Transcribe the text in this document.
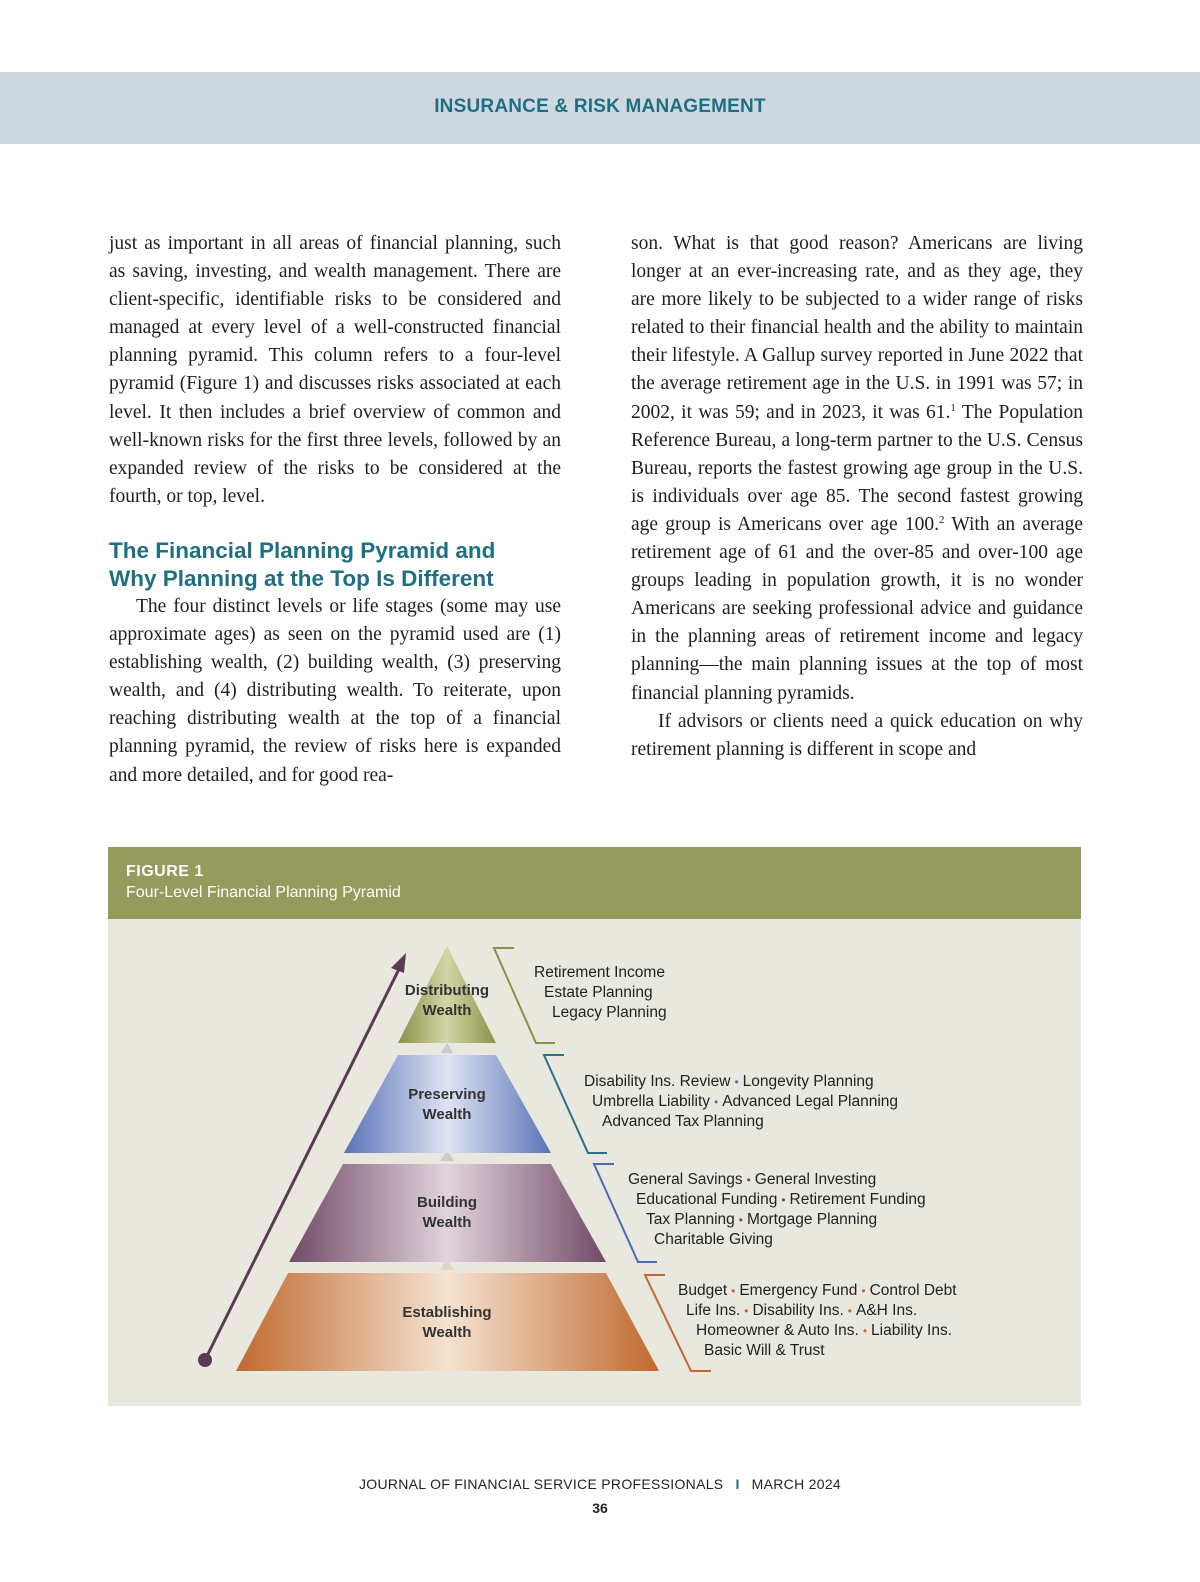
INSURANCE & RISK MANAGEMENT

just as important in all areas of financial planning, such as saving, investing, and wealth management. There are client-specific, identifiable risks to be considered and managed at every level of a well-constructed financial planning pyramid. This column refers to a four-level pyramid (Figure 1) and discusses risks associated at each level. It then includes a brief overview of common and well-known risks for the first three levels, followed by an expanded review of the risks to be considered at the fourth, or top, level.

The Financial Planning Pyramid and
Why Planning at the Top Is Different

The four distinct levels or life stages (some may use approximate ages) as seen on the pyramid used are (1) establishing wealth, (2) building wealth, (3) preserving wealth, and (4) distributing wealth. To reiterate, upon reaching distributing wealth at the top of a financial planning pyramid, the review of risks here is expanded and more detailed, and for good rea-

son. What is that good reason? Americans are living longer at an ever-increasing rate, and as they age, they are more likely to be subjected to a wider range of risks related to their financial health and the ability to maintain their lifestyle. A Gallup survey reported in June 2022 that the average retirement age in the U.S. in 1991 was 57; in 2002, it was 59; and in 2023, it was 61.$^1$ The Population Reference Bureau, a long-term partner to the U.S. Census Bureau, reports the fastest growing age group in the U.S. is individuals over age 85. The second fastest growing age group is Americans over age 100.$^2$ With an average retirement age of 61 and the over-85 and over-100 age groups leading in population growth, it is no wonder Americans are seeking professional advice and guidance in the planning areas of retirement income and legacy planning—the main planning issues at the top of most financial planning pyramids.

If advisors or clients need a quick education on why retirement planning is different in scope and

FIGURE 1
Four-Level Financial Planning Pyramid
Distributing
Wealth
Preserving
Wealth
Building
Wealth
Establishing
Wealth
Retirement Income
Estate Planning
Legacy Planning
Disability Ins. Review • Longevity Planning
Umbrella Liability • Advanced Legal Planning
Advanced Tax Planning
General Savings • General Investing
Educational Funding • Retirement Funding
Tax Planning • Mortgage Planning
Charitable Giving
Budget • Emergency Fund • Control Debt
Life Ins. • Disability Ins. • A&H Ins.
Homeowner & Auto Ins. • Liability Ins.
Basic Will & Trust
JOURNAL OF FINANCIAL SERVICE PROFESSIONALS I MARCH 2024
36
